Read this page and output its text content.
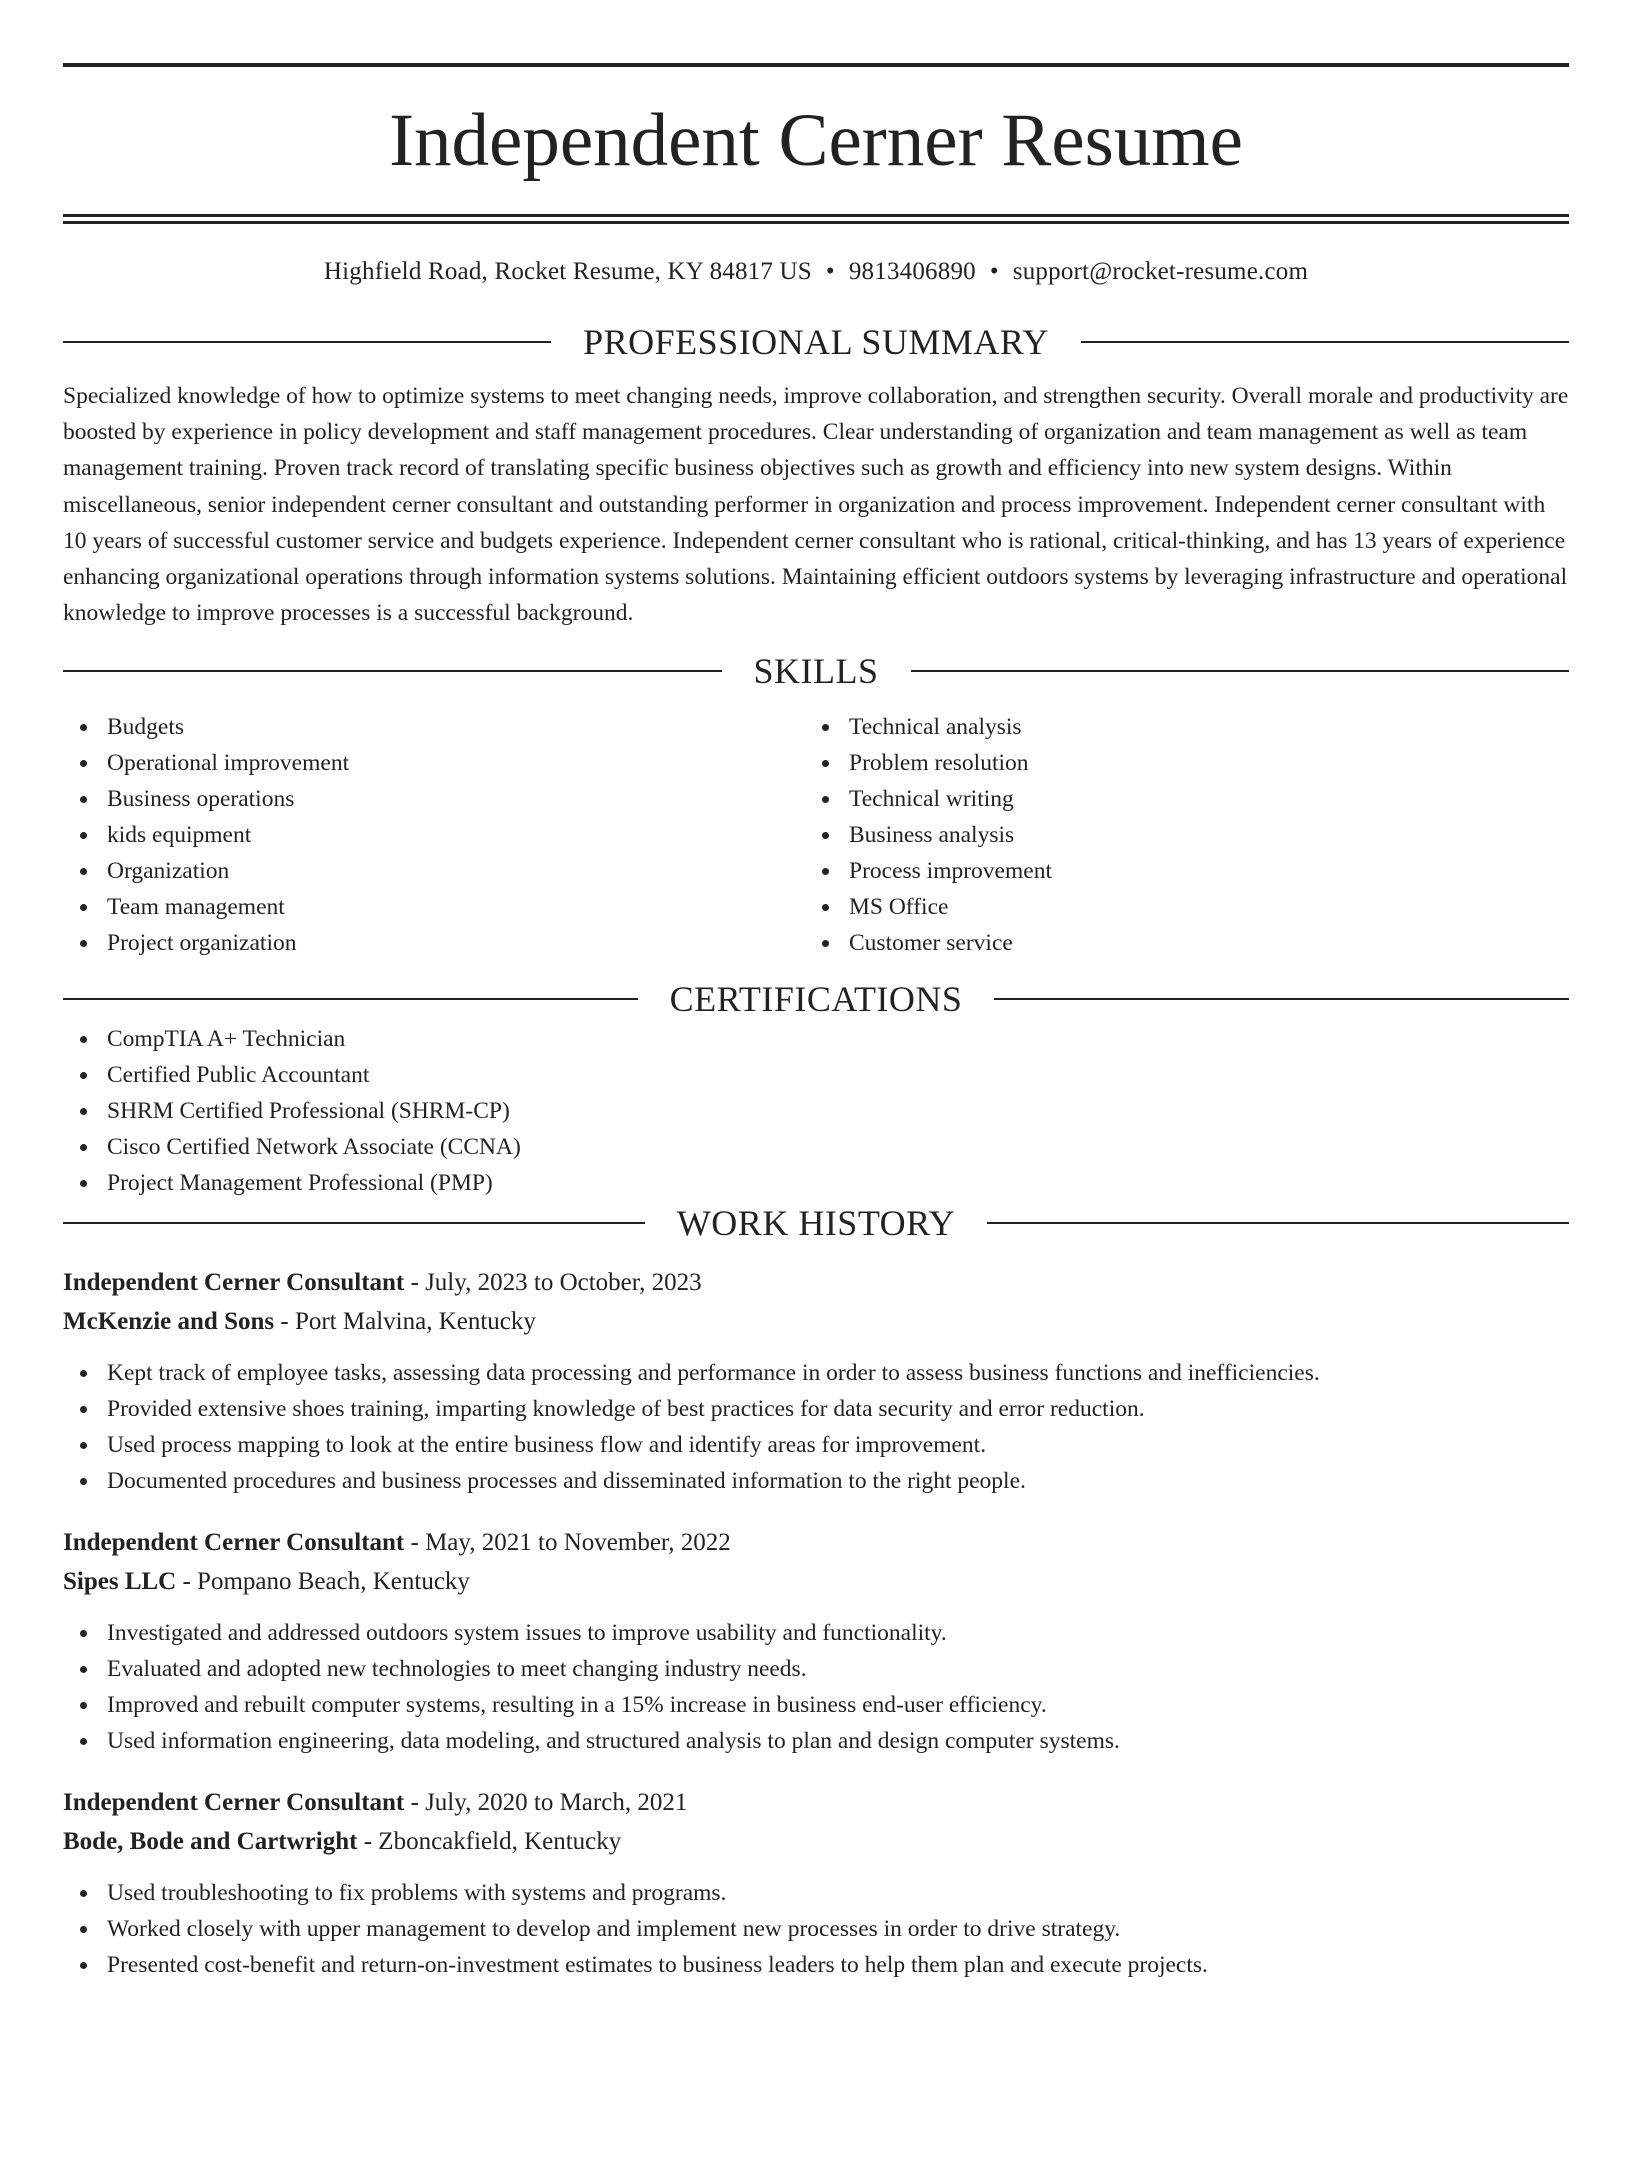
Independent Cerner Resume
Highfield Road, Rocket Resume, KY 84817 US • 9813406890 • support@rocket-resume.com
PROFESSIONAL SUMMARY

Specialized knowledge of how to optimize systems to meet changing needs, improve collaboration, and strengthen security. Overall morale and productivity are boosted by experience in policy development and staff management procedures. Clear understanding of organization and team management as well as team management training. Proven track record of translating specific business objectives such as growth and efficiency into new system designs. Within miscellaneous, senior independent cerner consultant and outstanding performer in organization and process improvement. Independent cerner consultant with 10 years of successful customer service and budgets experience. Independent cerner consultant who is rational, critical-thinking, and has 13 years of experience enhancing organizational operations through information systems solutions. Maintaining efficient outdoors systems by leveraging infrastructure and operational knowledge to improve processes is a successful background.

SKILLS
Budgets
Operational improvement
Business operations
kids equipment
Organization
Team management
Project organization
Technical analysis
Problem resolution
Technical writing
Business analysis
Process improvement
MS Office
Customer service
CERTIFICATIONS
CompTIA A+ Technician
Certified Public Accountant
SHRM Certified Professional (SHRM-CP)
Cisco Certified Network Associate (CCNA)
Project Management Professional (PMP)
WORK HISTORY
Independent Cerner Consultant - July, 2023 to October, 2023
McKenzie and Sons - Port Malvina, Kentucky
Kept track of employee tasks, assessing data processing and performance in order to assess business functions and inefficiencies.
Provided extensive shoes training, imparting knowledge of best practices for data security and error reduction.
Used process mapping to look at the entire business flow and identify areas for improvement.
Documented procedures and business processes and disseminated information to the right people.
Independent Cerner Consultant - May, 2021 to November, 2022
Sipes LLC - Pompano Beach, Kentucky
Investigated and addressed outdoors system issues to improve usability and functionality.
Evaluated and adopted new technologies to meet changing industry needs.
Improved and rebuilt computer systems, resulting in a 15% increase in business end-user efficiency.
Used information engineering, data modeling, and structured analysis to plan and design computer systems.
Independent Cerner Consultant - July, 2020 to March, 2021
Bode, Bode and Cartwright - Zboncakfield, Kentucky
Used troubleshooting to fix problems with systems and programs.
Worked closely with upper management to develop and implement new processes in order to drive strategy.
Presented cost-benefit and return-on-investment estimates to business leaders to help them plan and execute projects.
